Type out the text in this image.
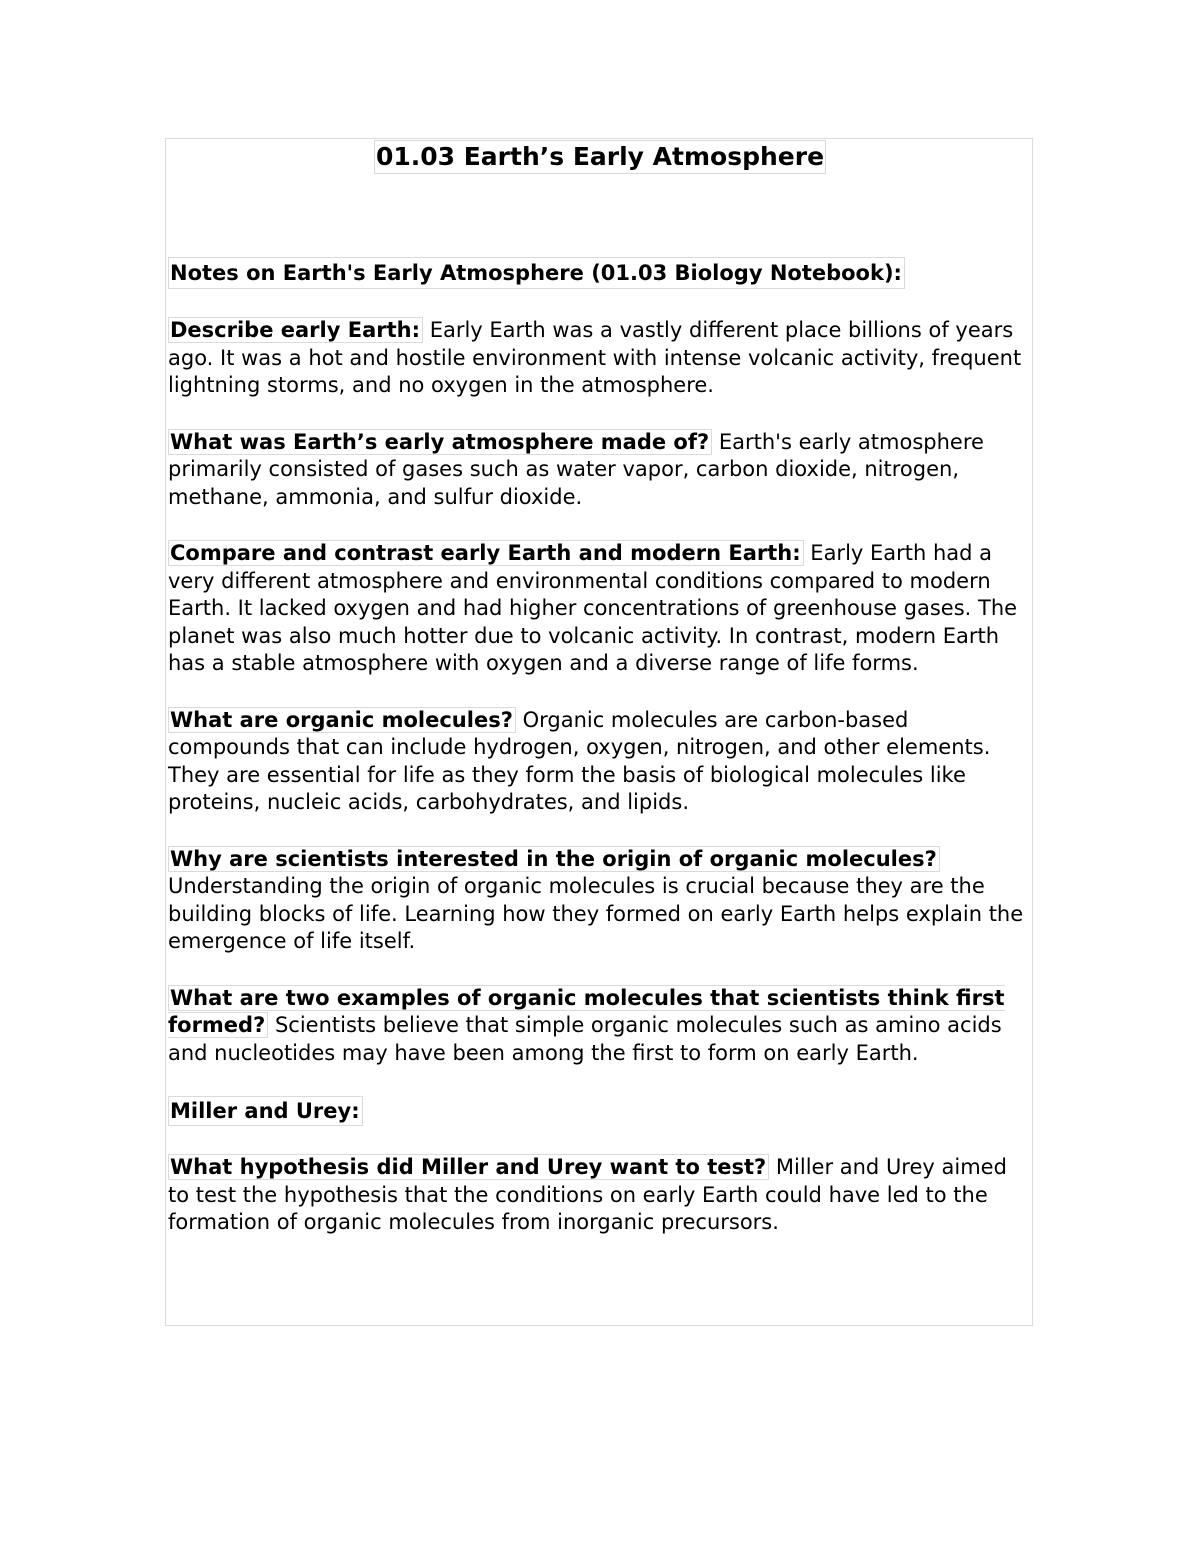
01.03 Earth’s Early Atmosphere
Notes on Earth's Early Atmosphere (01.03 Biology Notebook):

Describe early Earth: Early Earth was a vastly different place billions of years ago. It was a hot and hostile environment with intense volcanic activity, frequent lightning storms, and no oxygen in the atmosphere.

What was Earth’s early atmosphere made of? Earth's early atmosphere primarily consisted of gases such as water vapor, carbon dioxide, nitrogen, methane, ammonia, and sulfur dioxide.

Compare and contrast early Earth and modern Earth: Early Earth had a very different atmosphere and environmental conditions compared to modern Earth. It lacked oxygen and had higher concentrations of greenhouse gases. The planet was also much hotter due to volcanic activity. In contrast, modern Earth has a stable atmosphere with oxygen and a diverse range of life forms.

What are organic molecules? Organic molecules are carbon-based compounds that can include hydrogen, oxygen, nitrogen, and other elements. They are essential for life as they form the basis of biological molecules like proteins, nucleic acids, carbohydrates, and lipids.

Why are scientists interested in the origin of organic molecules? Understanding the origin of organic molecules is crucial because they are the building blocks of life. Learning how they formed on early Earth helps explain the emergence of life itself.

What are two examples of organic molecules that scientists think first formed? Scientists believe that simple organic molecules such as amino acids and nucleotides may have been among the first to form on early Earth.

Miller and Urey:

What hypothesis did Miller and Urey want to test? Miller and Urey aimed to test the hypothesis that the conditions on early Earth could have led to the formation of organic molecules from inorganic precursors.
